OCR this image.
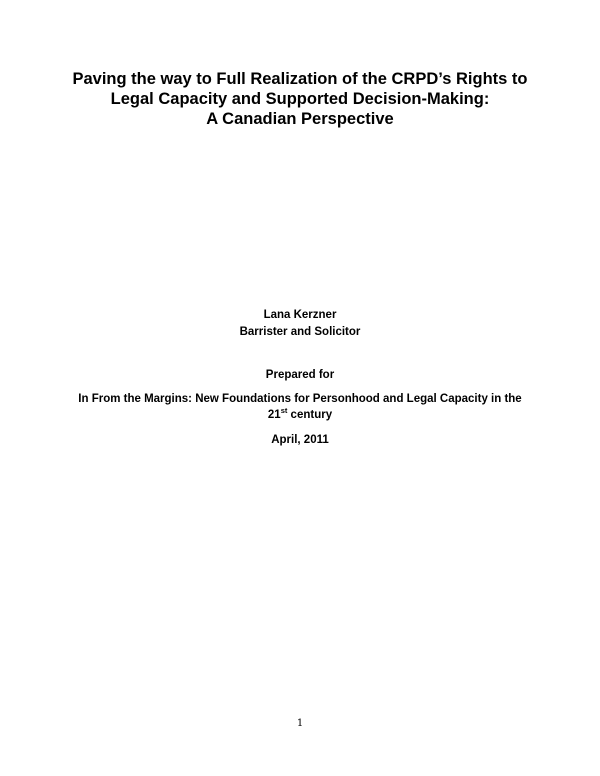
Paving the way to Full Realization of the CRPD’s Rights to
Legal Capacity and Supported Decision-Making:
A Canadian Perspective
Lana Kerzner
Barrister and Solicitor
Prepared for
In From the Margins: New Foundations for Personhood and Legal Capacity in the
21st century
April, 2011
1
